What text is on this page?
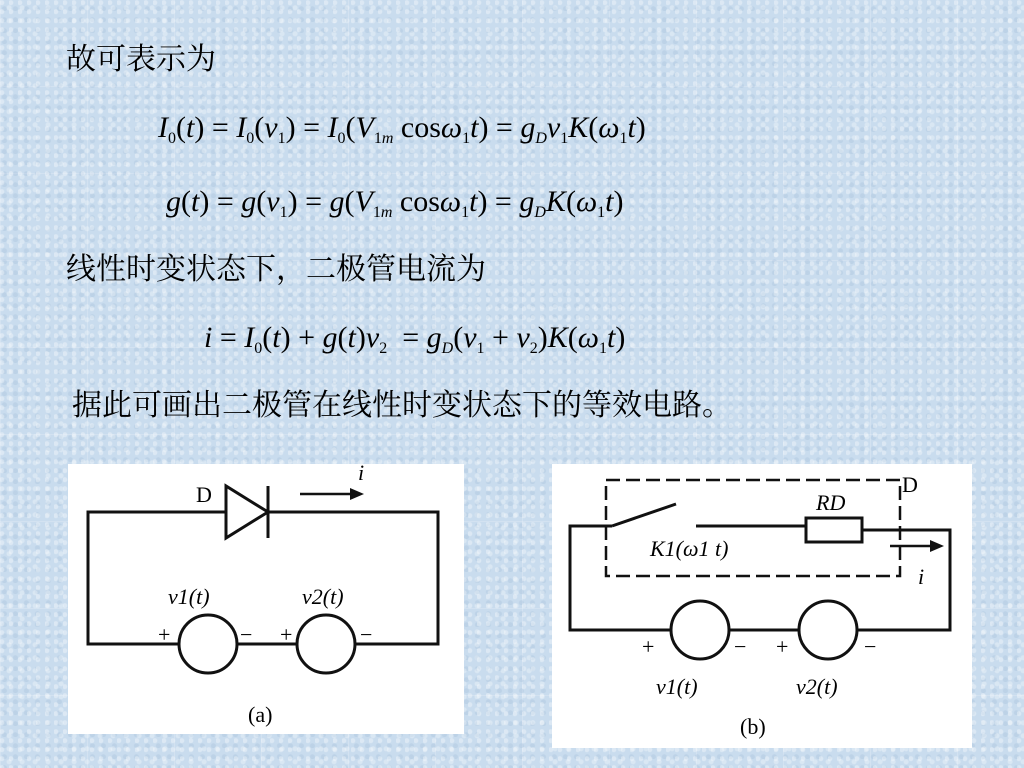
故可表示为
$I_0(t) = I_0(v_1) = I_0(V_{1m}$ $\cos\omega_1t) = g_Dv_1K(\omega_1t)$
$g(t) = g(v_1) = g(V_{1m}$ $\cos\omega_1t) = g_DK(\omega_1t)$
线性时变状态下，二极管电流为
$i = I_0(t) + g(t)v_2 = g_D(v_1 + v_2)K(\omega_1t)$
据此可画出二极管在线性时变状态下的等效电路。
D
i
v1(t)	v2(t)
+	− +	−
(a)
D
RD
K1(ω1 t)
i
+	− +	−
v1(t)	v2(t)
(b)
